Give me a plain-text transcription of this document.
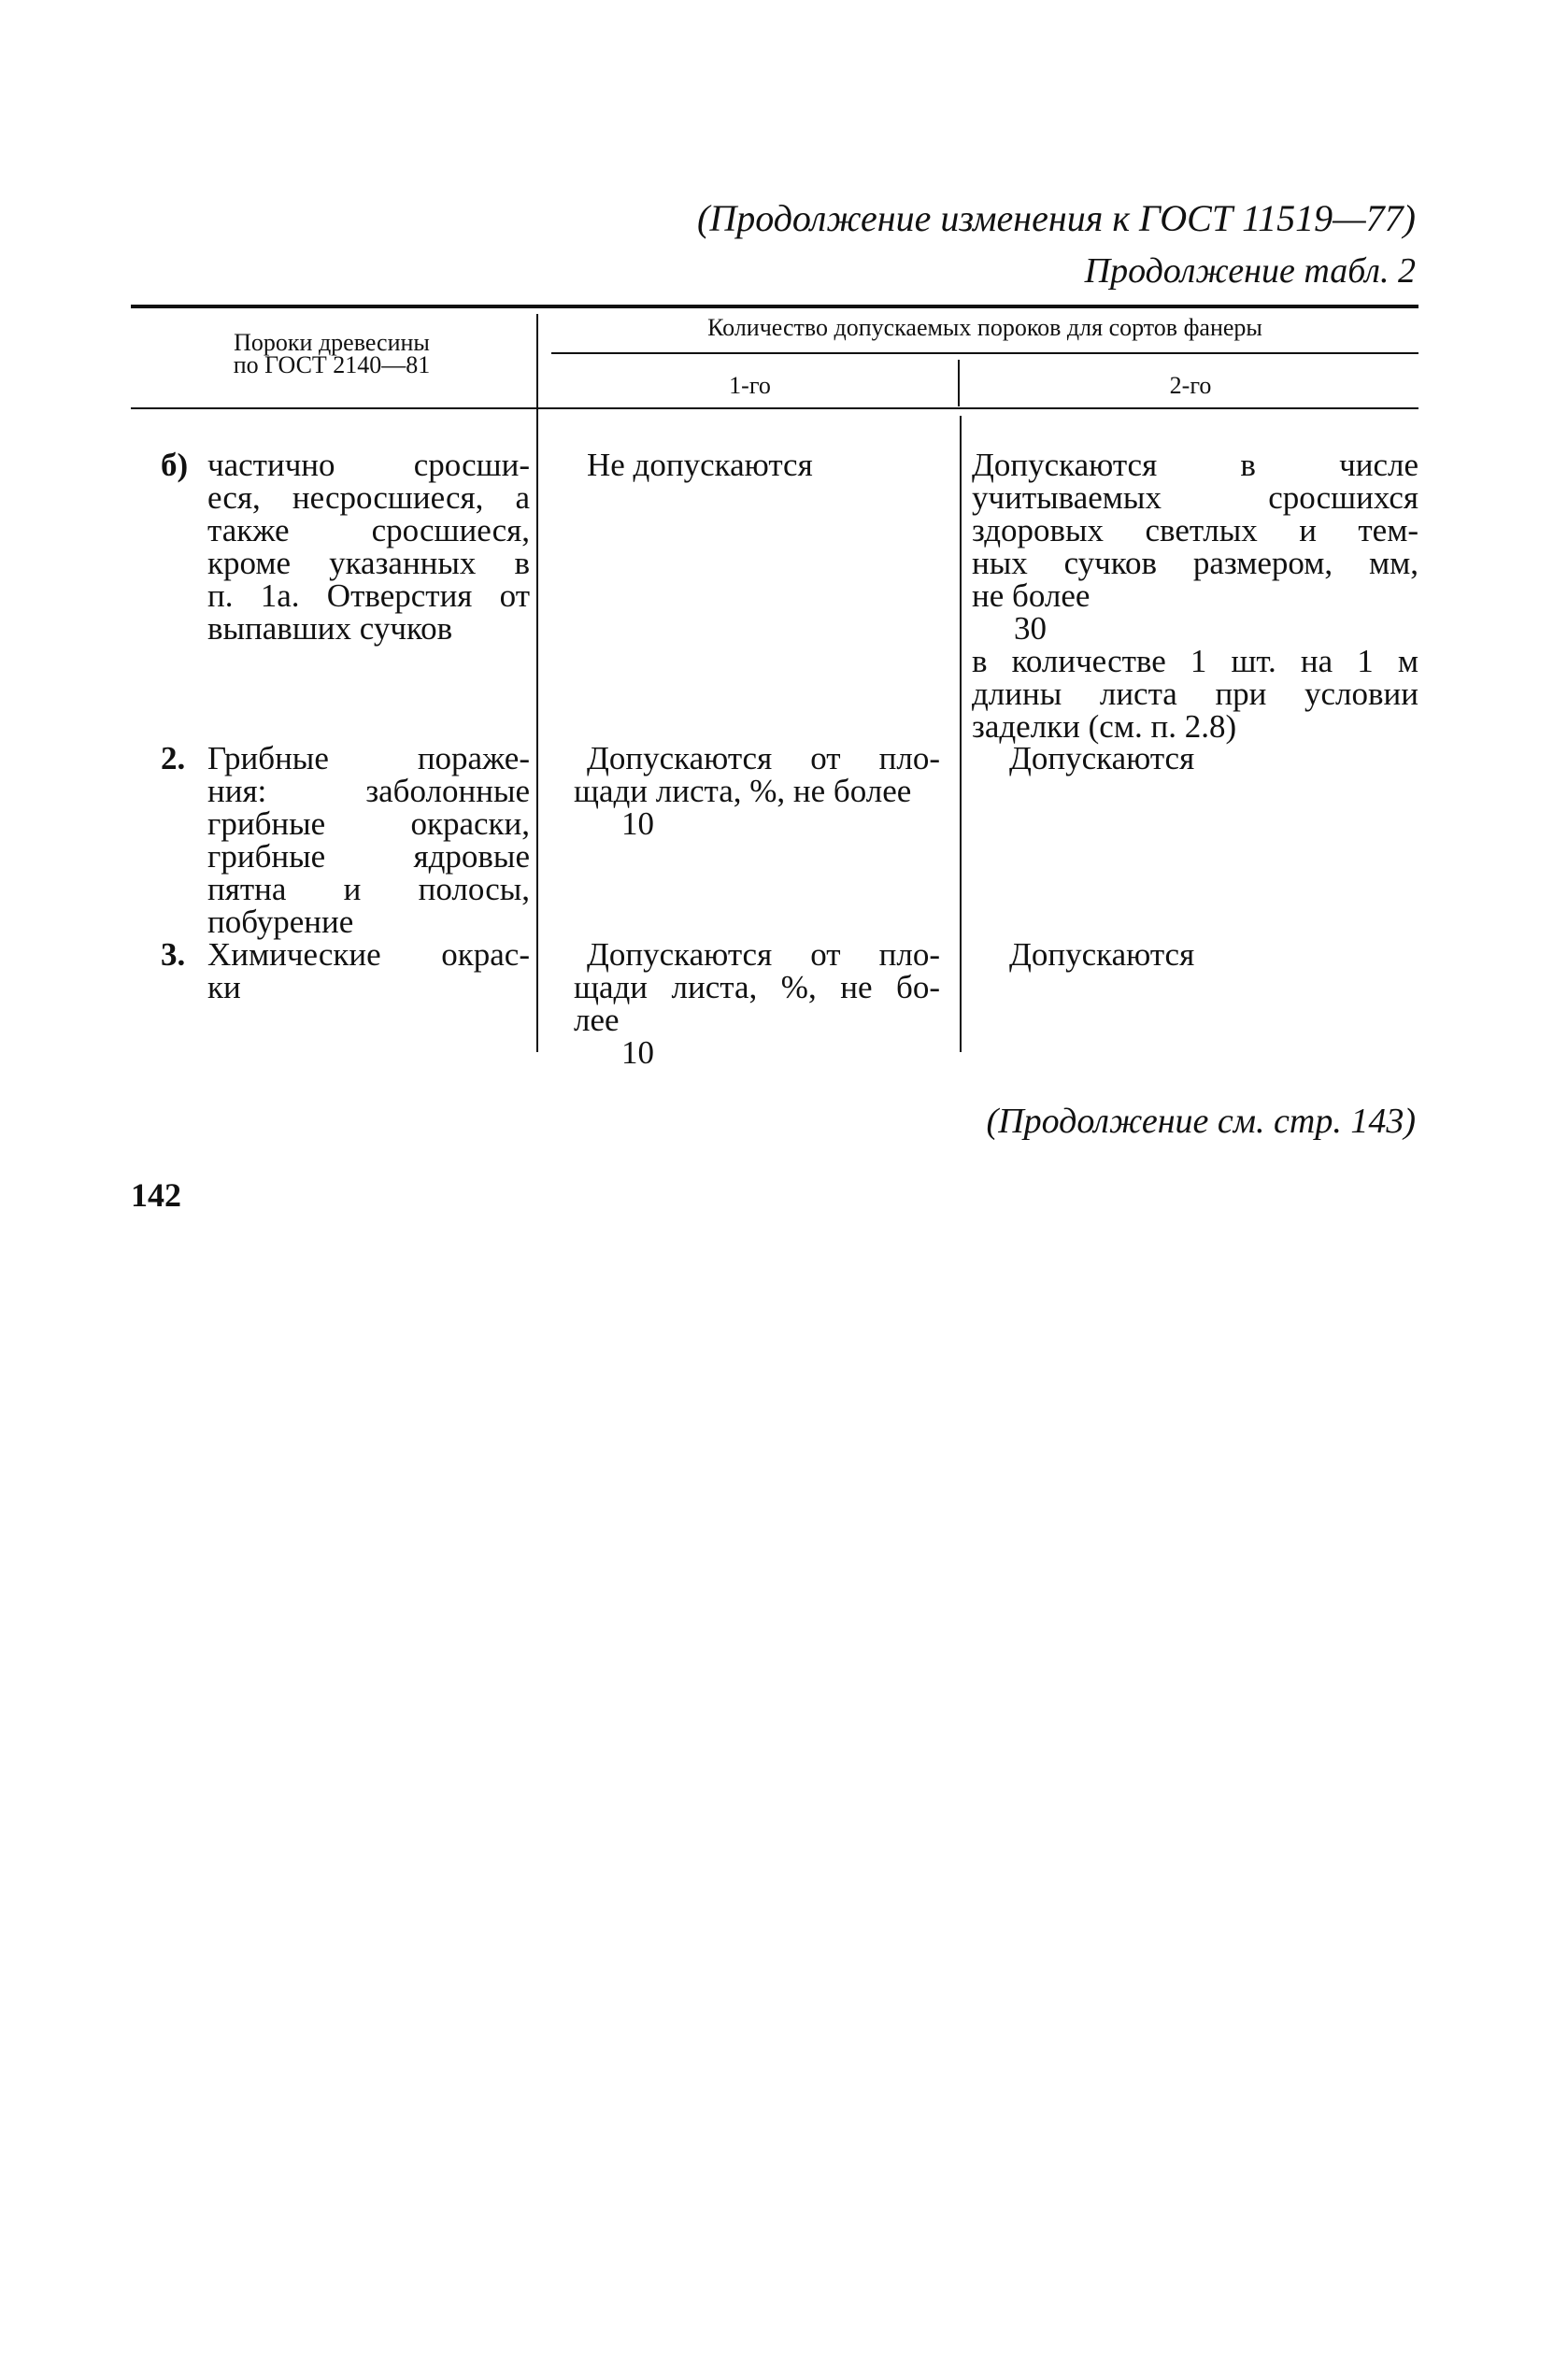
(Продолжение изменения к ГОСТ 11519—77)
Продолжение табл. 2
Пороки древесины
по ГОСТ 2140—81
Количество допускаемых пороков для сортов фанеры
1-го	2-го
б) частично сросши-
еся, несросшиеся, а
также сросшиеся,
кроме указанных в
п. 1а. Отверстия от
выпавших сучков
Не допускаются	Допускаются в числе
учитываемых сросшихся
здоровых светлых и тем-
ных сучков размером, мм,
не более
30
в количестве 1 шт. на 1 м
длины листа при условии
заделки (см. п. 2.8)
2. Грибные пораже-
ния: заболонные
грибные окраски,
грибные ядровые
пятна и полосы,
побурение
Допускаются от пло-
щади листа, %, не более
10
Допускаются
3. Химические окрас-
ки
Допускаются от пло-
щади листа, %, не бо-
лее
10
Допускаются
(Продолжение см. стр. 143)
142
